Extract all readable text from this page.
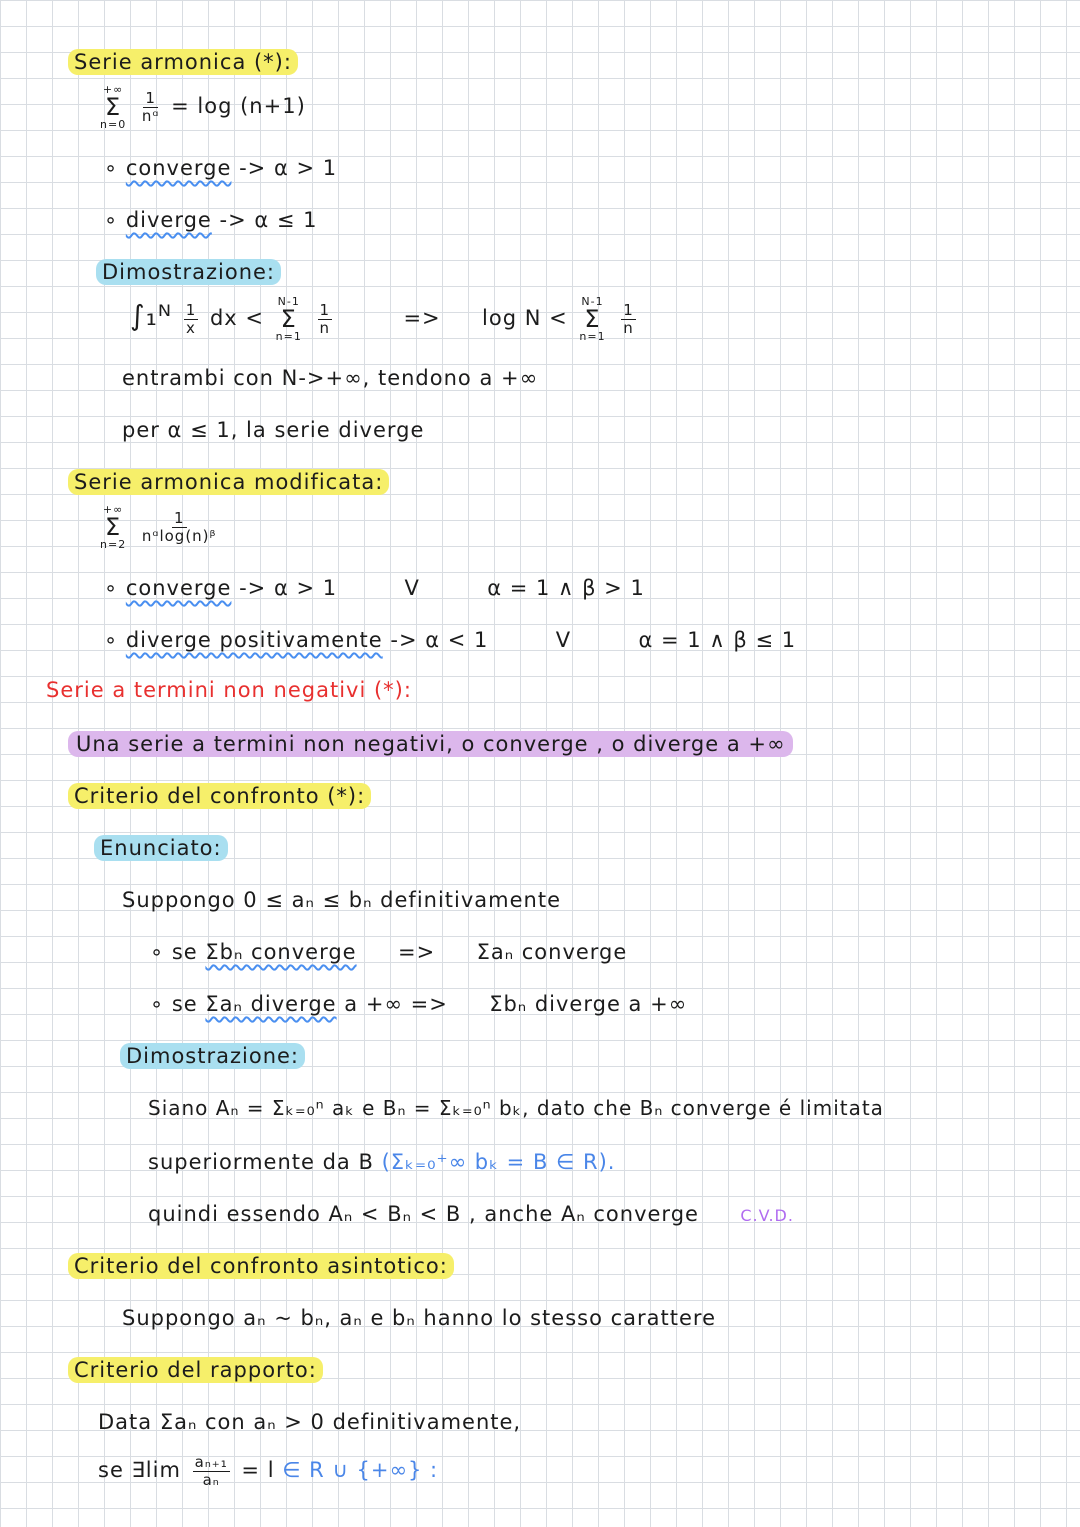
Serie armonica (*):
+∞
Σ
n=0

$\frac{1}{\text{nᵅ}} = \log (n+1)$
∘ converge -> α > 1
∘ diverge -> α ≤ 1
Dimostrazione:
∫₁ᴺ $\frac{1}{x}$ dx <
N-1
Σ
n=1

$\frac{1}{n}$	=> log N <
N-1
Σ
n=1

$\frac{1}{n}$
entrambi con N->+∞, tendono a +∞
per α ≤ 1, la serie diverge
Serie armonica modificata:
+∞
Σ
n=2

$\frac{1}{\text{nᵅlog(n)ᵝ}}$
∘ converge -> α > 1	V	α = 1 ∧ β > 1
∘ diverge positivamente -> α < 1	V	α = 1 ∧ β ≤ 1
Serie a termini non negativi (*):
Una serie a termini non negativi, o converge , o diverge a +∞
Criterio del confronto (*):
Enunciato:
Suppongo 0 ≤ aₙ ≤ bₙ definitivamente
∘ se Σbₙ converge => Σaₙ converge
∘ se Σaₙ diverge a +∞ => Σbₙ diverge a +∞
Dimostrazione:
Siano Aₙ = Σₖ₌₀ⁿ aₖ e Bₙ = Σₖ₌₀ⁿ bₖ, dato che Bₙ converge é limitata
superiormente da B (Σₖ₌₀⁺∞ bₖ = B ∈ R).
quindi essendo Aₙ < Bₙ < B , anche Aₙ converge	C.V.D.
Criterio del confronto asintotico:
Suppongo aₙ ~ bₙ, aₙ e bₙ hanno lo stesso carattere
Criterio del rapporto:
Data Σaₙ con aₙ > 0 definitivamente,
se ∃lim $\frac{\text{aₙ₊₁}}{\text{aₙ}} = l$ ∈ R ∪ {+∞} :
